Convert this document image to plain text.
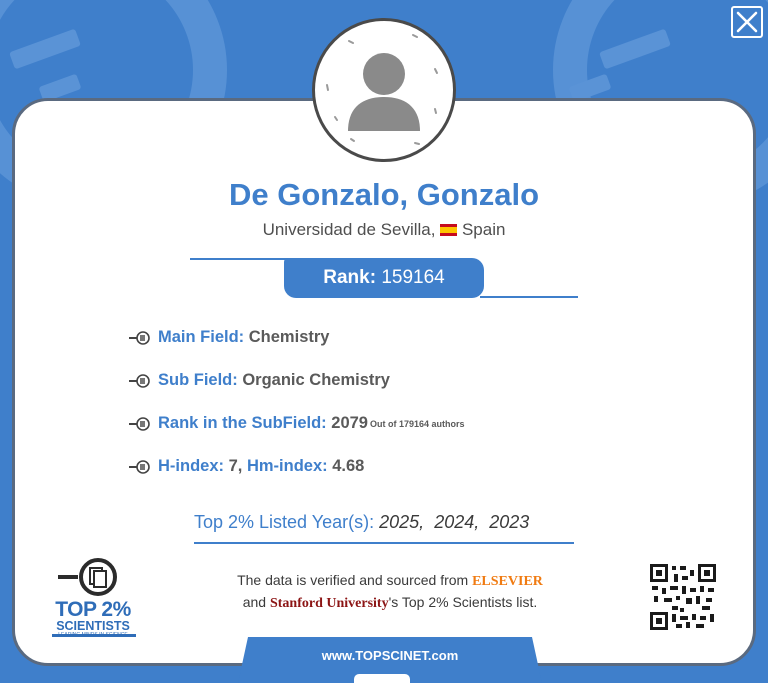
De Gonzalo, Gonzalo
Universidad de Sevilla, Spain
Rank: 159164
Main Field:
Chemistry
Sub Field:
Organic Chemistry
Rank in the SubField:
2079 Out of 179164 authors
H-index:
7,
Hm-index:
4.68
Top 2% Listed Year(s): 2025, 2024, 2023
TOP 2%
SCIENTISTS
LEADING MINDS IN SCIENCE
The data is verified and sourced from ELSEVIER
and Stanford University's Top 2% Scientists list.
www.TOPSCINET.com
